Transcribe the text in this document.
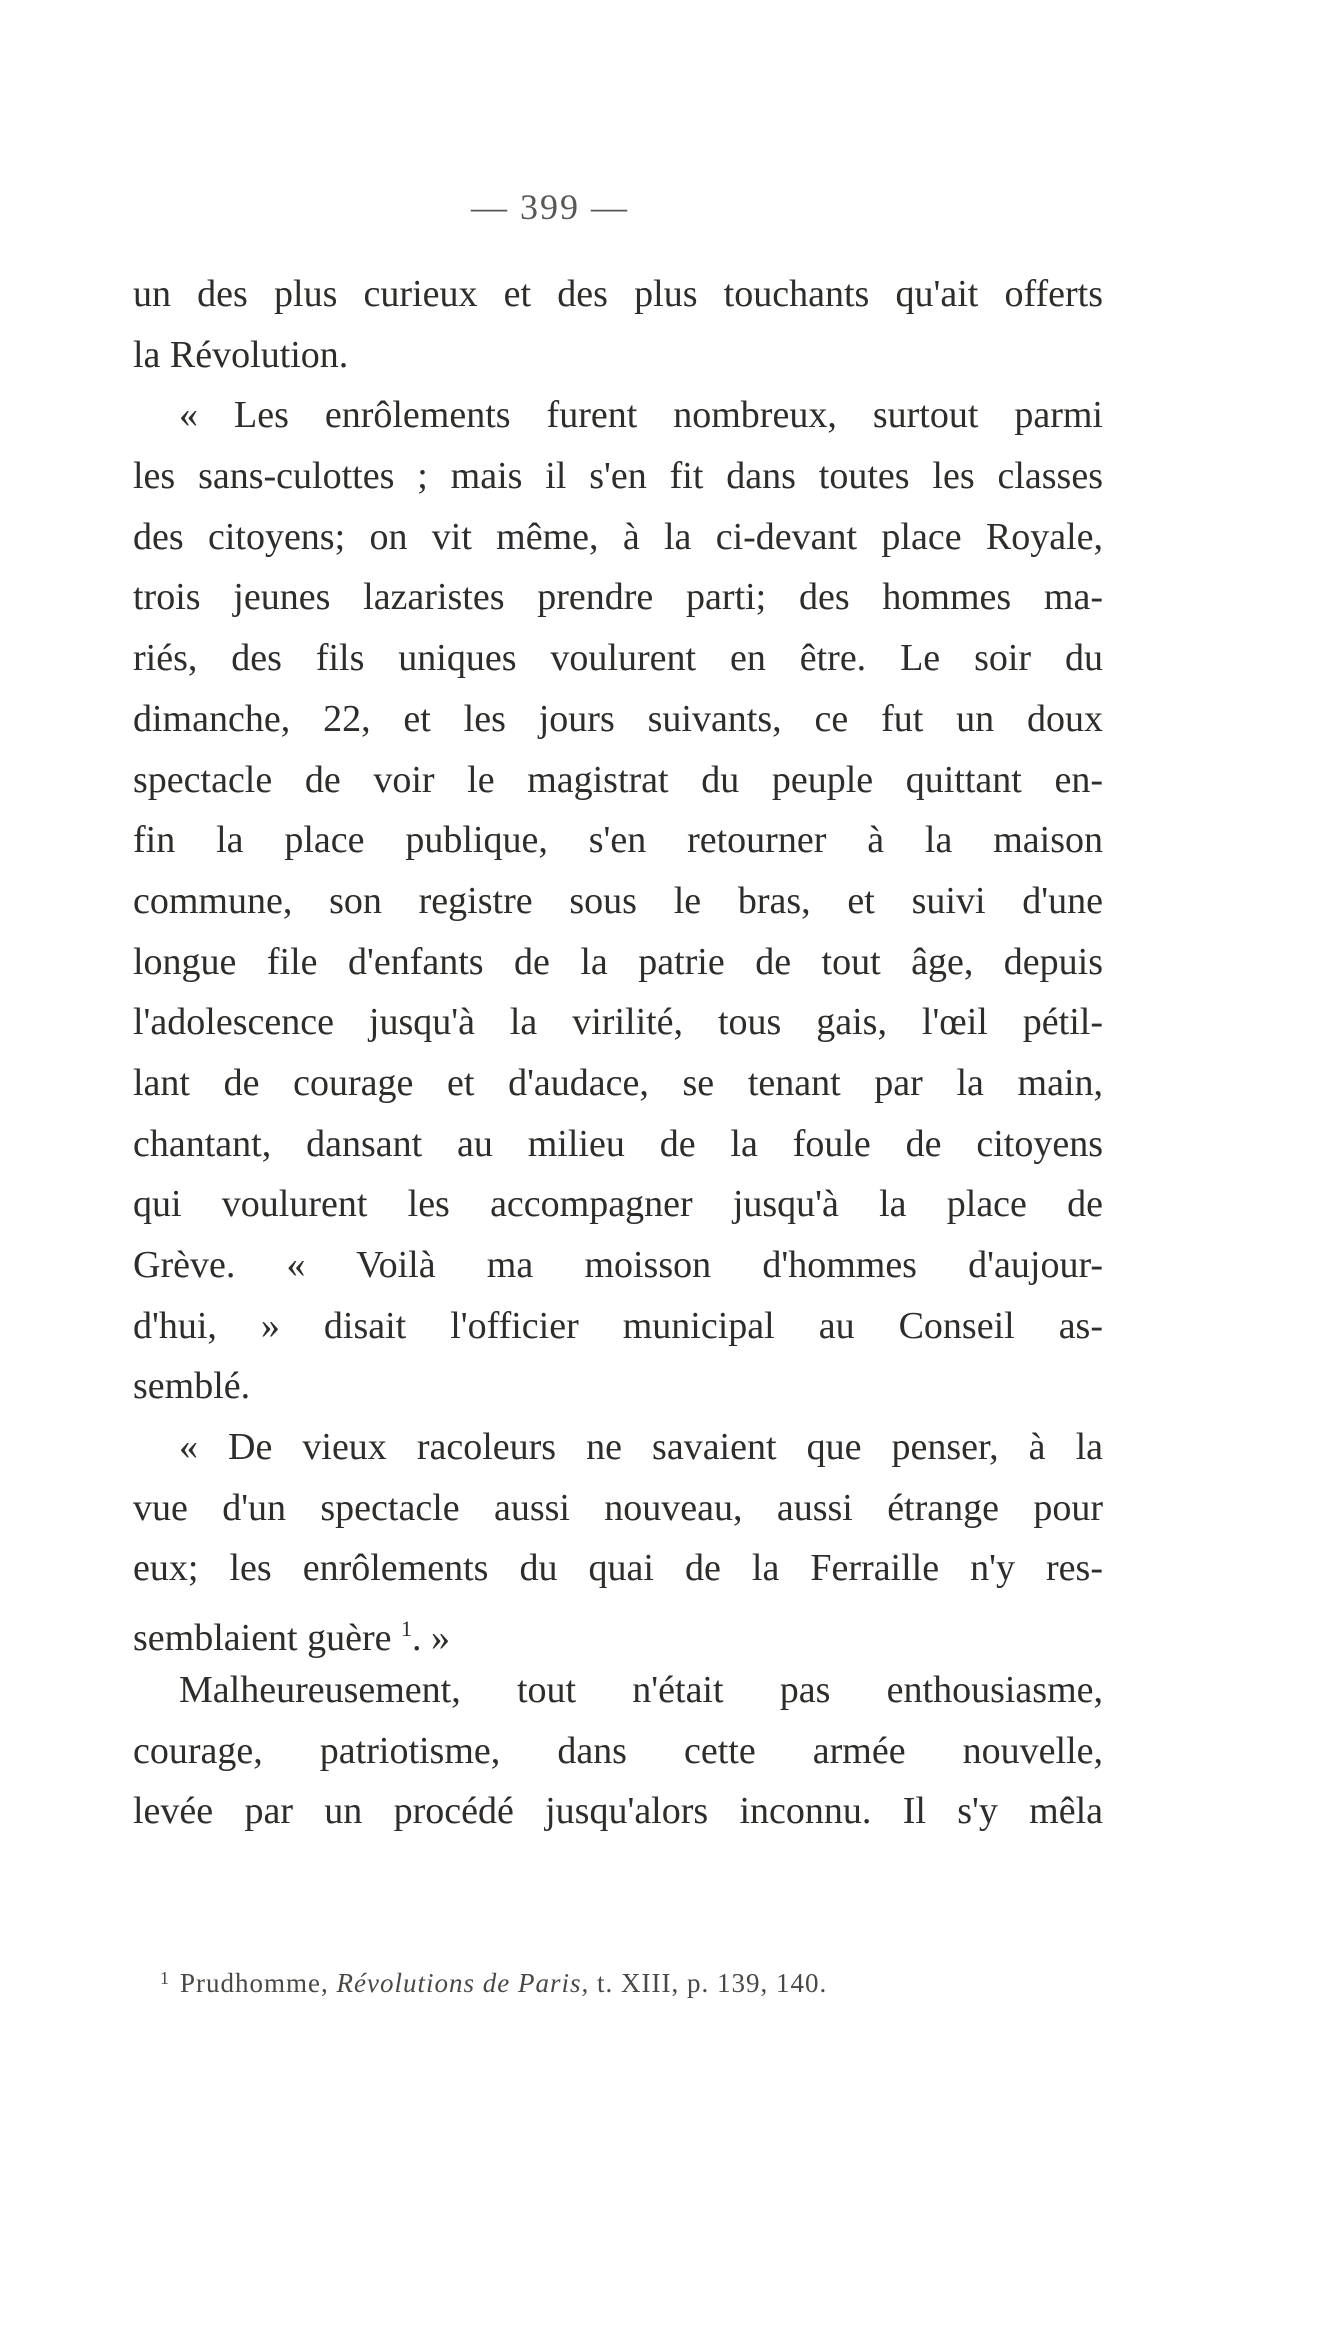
— 399 —
un des plus curieux et des plus touchants qu'ait offerts
la Révolution.
« Les enrôlements furent nombreux, surtout parmi
les sans-culottes ; mais il s'en fit dans toutes les classes
des citoyens; on vit même, à la ci-devant place Royale,
trois jeunes lazaristes prendre parti; des hommes ma-
riés, des fils uniques voulurent en être. Le soir du
dimanche, 22, et les jours suivants, ce fut un doux
spectacle de voir le magistrat du peuple quittant en-
fin la place publique, s'en retourner à la maison
commune, son registre sous le bras, et suivi d'une
longue file d'enfants de la patrie de tout âge, depuis
l'adolescence jusqu'à la virilité, tous gais, l'œil pétil-
lant de courage et d'audace, se tenant par la main,
chantant, dansant au milieu de la foule de citoyens
qui voulurent les accompagner jusqu'à la place de
Grève. « Voilà ma moisson d'hommes d'aujour-
d'hui, » disait l'officier municipal au Conseil as-
semblé.
« De vieux racoleurs ne savaient que penser, à la
vue d'un spectacle aussi nouveau, aussi étrange pour
eux; les enrôlements du quai de la Ferraille n'y res-
semblaient guère $^1$. »
Malheureusement, tout n'était pas enthousiasme,
courage, patriotisme, dans cette armée nouvelle,
levée par un procédé jusqu'alors inconnu. Il s'y mêla
$^1$ Prudhomme, Révolutions de Paris, t. XIII, p. 139, 140.
